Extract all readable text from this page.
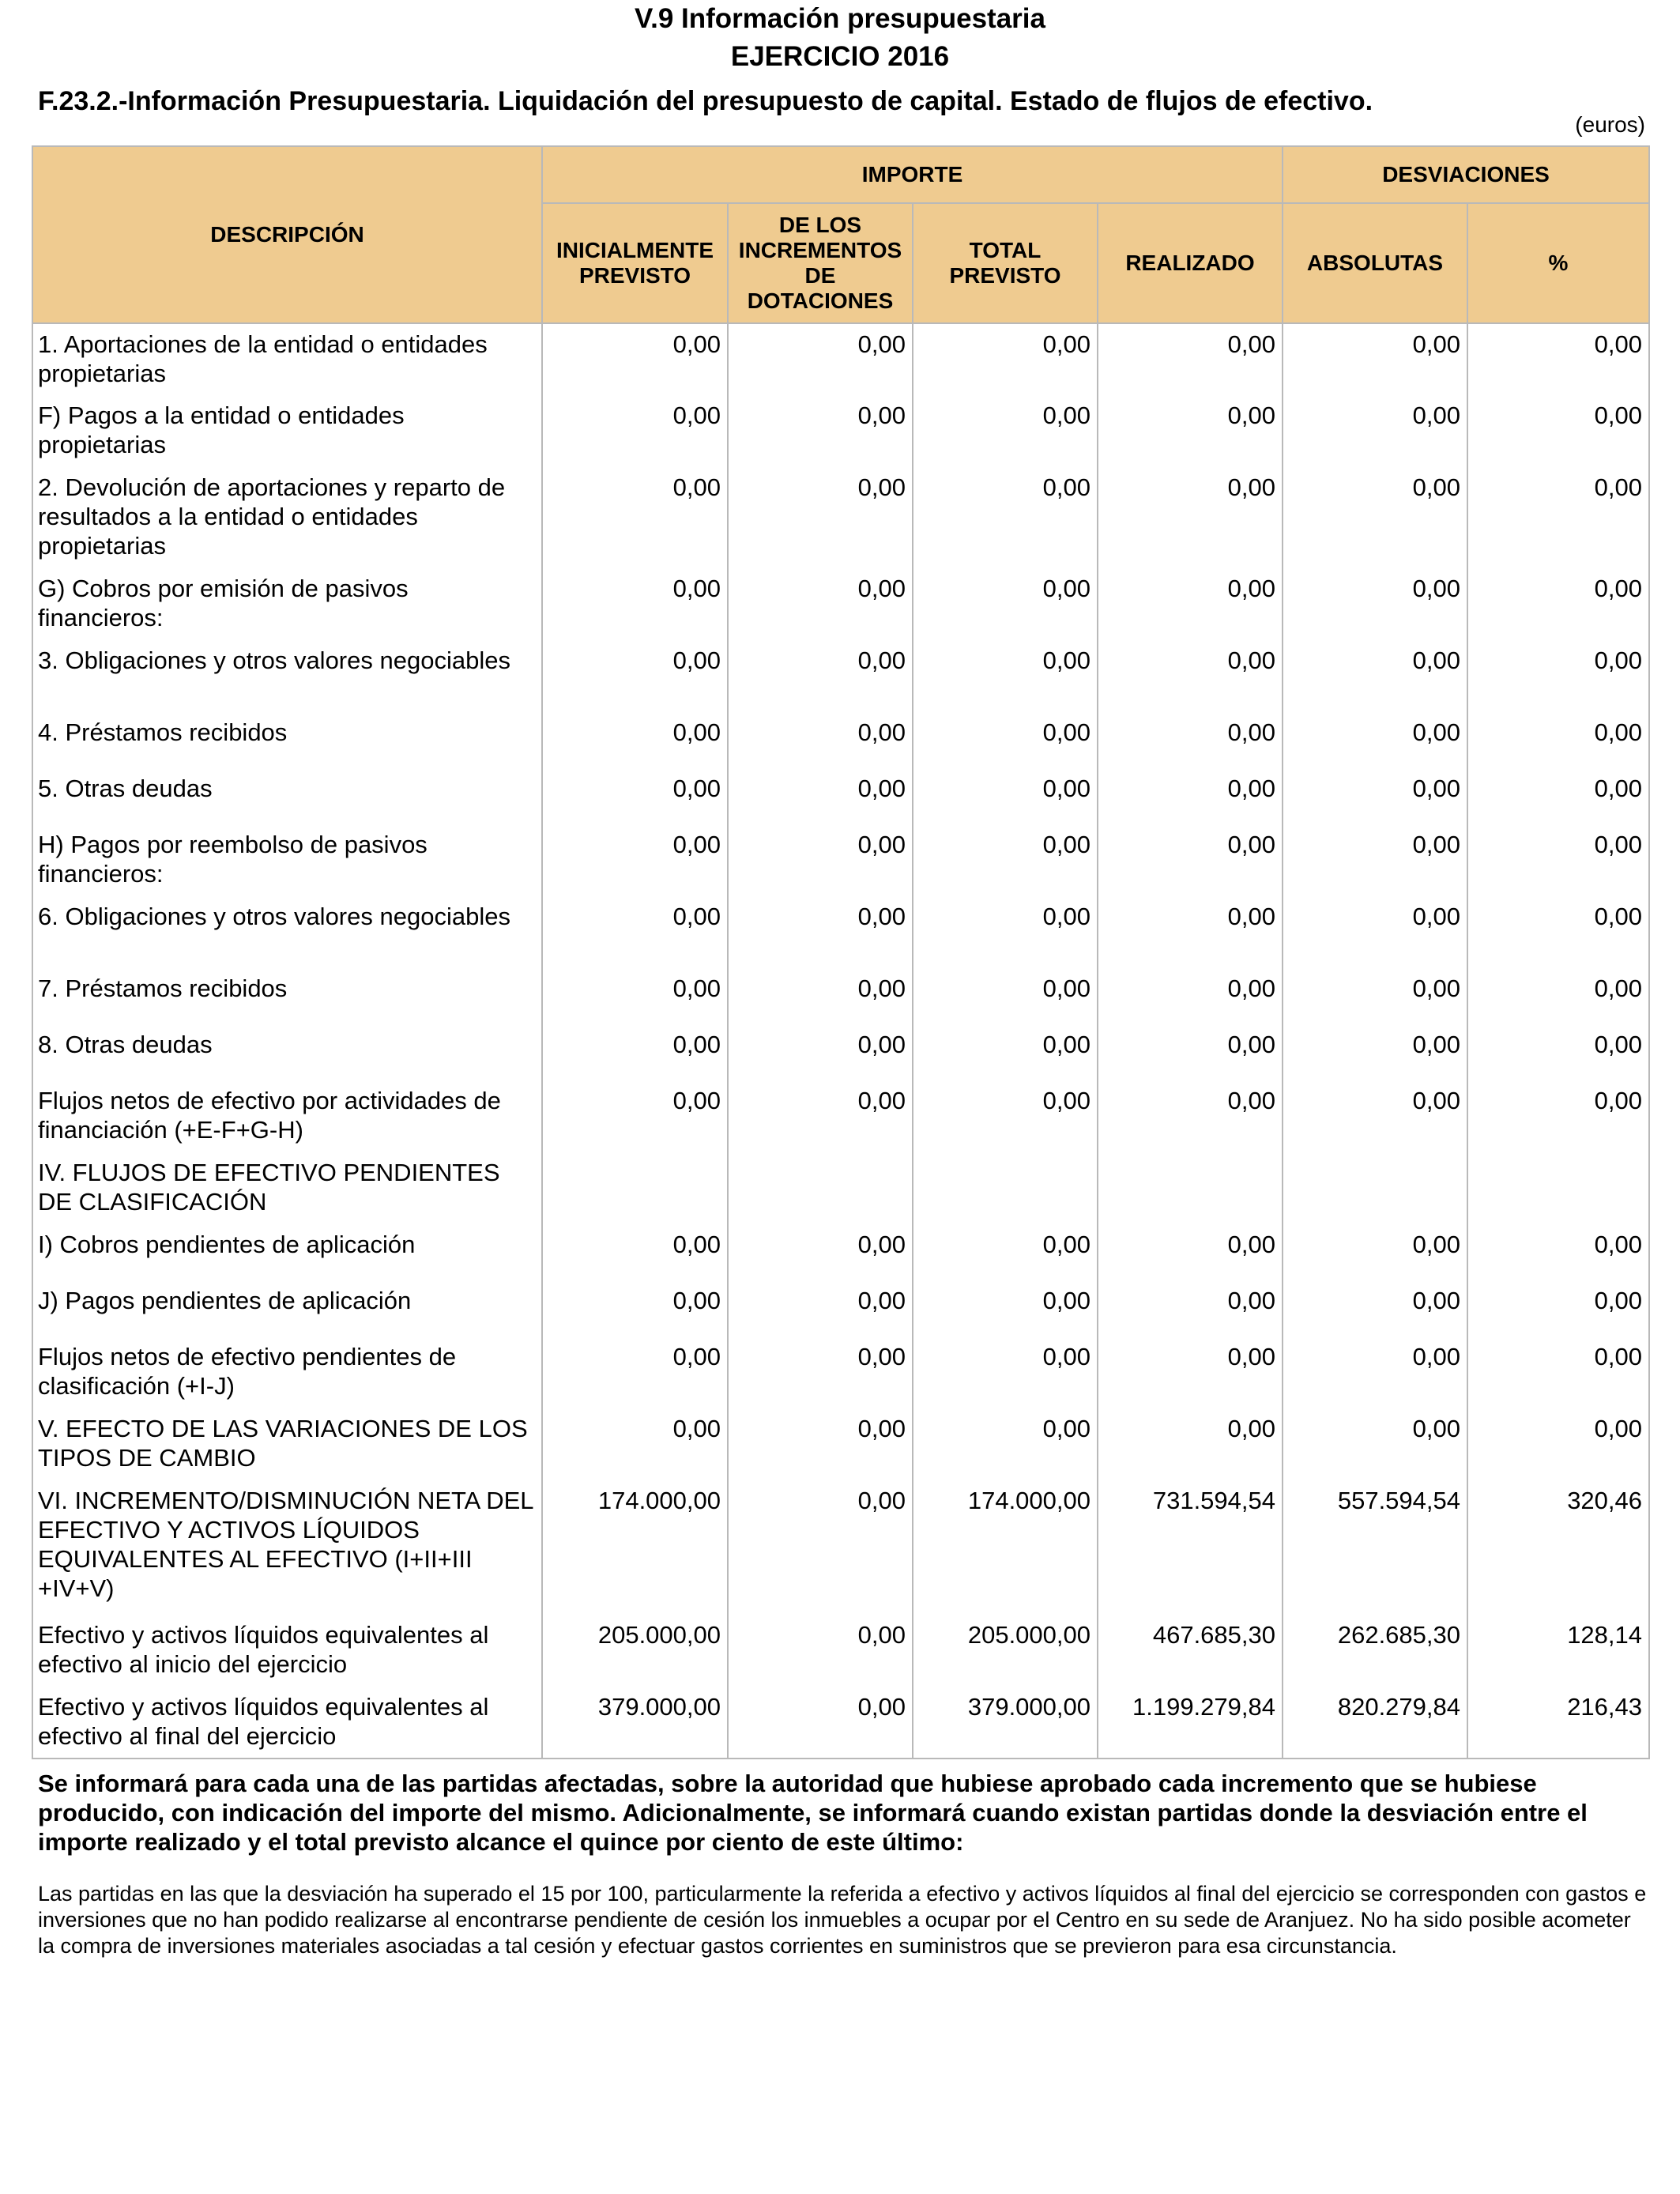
V.9 Información presupuestaria
EJERCICIO 2016
F.23.2.-Información Presupuestaria. Liquidación del presupuesto de capital. Estado de flujos de efectivo.
(euros)
DESCRIPCIÓN	IMPORTE				DESVIACIONES	
	INICIALMENTE PREVISTO	DE LOS INCREMENTOS DE DOTACIONES	TOTAL PREVISTO	REALIZADO	ABSOLUTAS	%
1. Aportaciones de la entidad o entidades propietarias	0,00	0,00	0,00	0,00	0,00	0,00
F) Pagos a la entidad o entidades propietarias	0,00	0,00	0,00	0,00	0,00	0,00
2. Devolución de aportaciones y reparto de resultados a la entidad o entidades propietarias	0,00	0,00	0,00	0,00	0,00	0,00
G) Cobros por emisión de pasivos financieros:	0,00	0,00	0,00	0,00	0,00	0,00
3. Obligaciones y otros valores negociables	0,00	0,00	0,00	0,00	0,00	0,00
4. Préstamos recibidos	0,00	0,00	0,00	0,00	0,00	0,00
5. Otras deudas	0,00	0,00	0,00	0,00	0,00	0,00
H) Pagos por reembolso de pasivos financieros:	0,00	0,00	0,00	0,00	0,00	0,00
6. Obligaciones y otros valores negociables	0,00	0,00	0,00	0,00	0,00	0,00
7. Préstamos recibidos	0,00	0,00	0,00	0,00	0,00	0,00
8. Otras deudas	0,00	0,00	0,00	0,00	0,00	0,00
Flujos netos de efectivo por actividades de financiación (+E-F+G-H)	0,00	0,00	0,00	0,00	0,00	0,00
IV. FLUJOS DE EFECTIVO PENDIENTES DE CLASIFICACIÓN						
I) Cobros pendientes de aplicación	0,00	0,00	0,00	0,00	0,00	0,00
J) Pagos pendientes de aplicación	0,00	0,00	0,00	0,00	0,00	0,00
Flujos netos de efectivo pendientes de clasificación (+I-J)	0,00	0,00	0,00	0,00	0,00	0,00
V. EFECTO DE LAS VARIACIONES DE LOS TIPOS DE CAMBIO	0,00	0,00	0,00	0,00	0,00	0,00
VI. INCREMENTO/DISMINUCIÓN NETA DEL EFECTIVO Y ACTIVOS LÍQUIDOS EQUIVALENTES AL EFECTIVO (I+II+III +IV+V)	174.000,00	0,00	174.000,00	731.594,54	557.594,54	320,46
Efectivo y activos líquidos equivalentes al efectivo al inicio del ejercicio	205.000,00	0,00	205.000,00	467.685,30	262.685,30	128,14
Efectivo y activos líquidos equivalentes al efectivo al final del ejercicio	379.000,00	0,00	379.000,00	1.199.279,84	820.279,84	216,43
Se informará para cada una de las partidas afectadas, sobre la autoridad que hubiese aprobado cada incremento que se hubiese producido, con indicación del importe del mismo. Adicionalmente, se informará cuando existan partidas donde la desviación entre el importe realizado y el total previsto alcance el quince por ciento de este último:
Las partidas en las que la desviación ha superado el 15 por 100, particularmente la referida a efectivo y activos líquidos al final del ejercicio se corresponden con gastos e inversiones que no han podido realizarse al encontrarse pendiente de cesión los inmuebles a ocupar por el Centro en su sede de Aranjuez. No ha sido posible acometer la compra de inversiones materiales asociadas a tal cesión y efectuar gastos corrientes en suministros que se previeron para esa circunstancia.
